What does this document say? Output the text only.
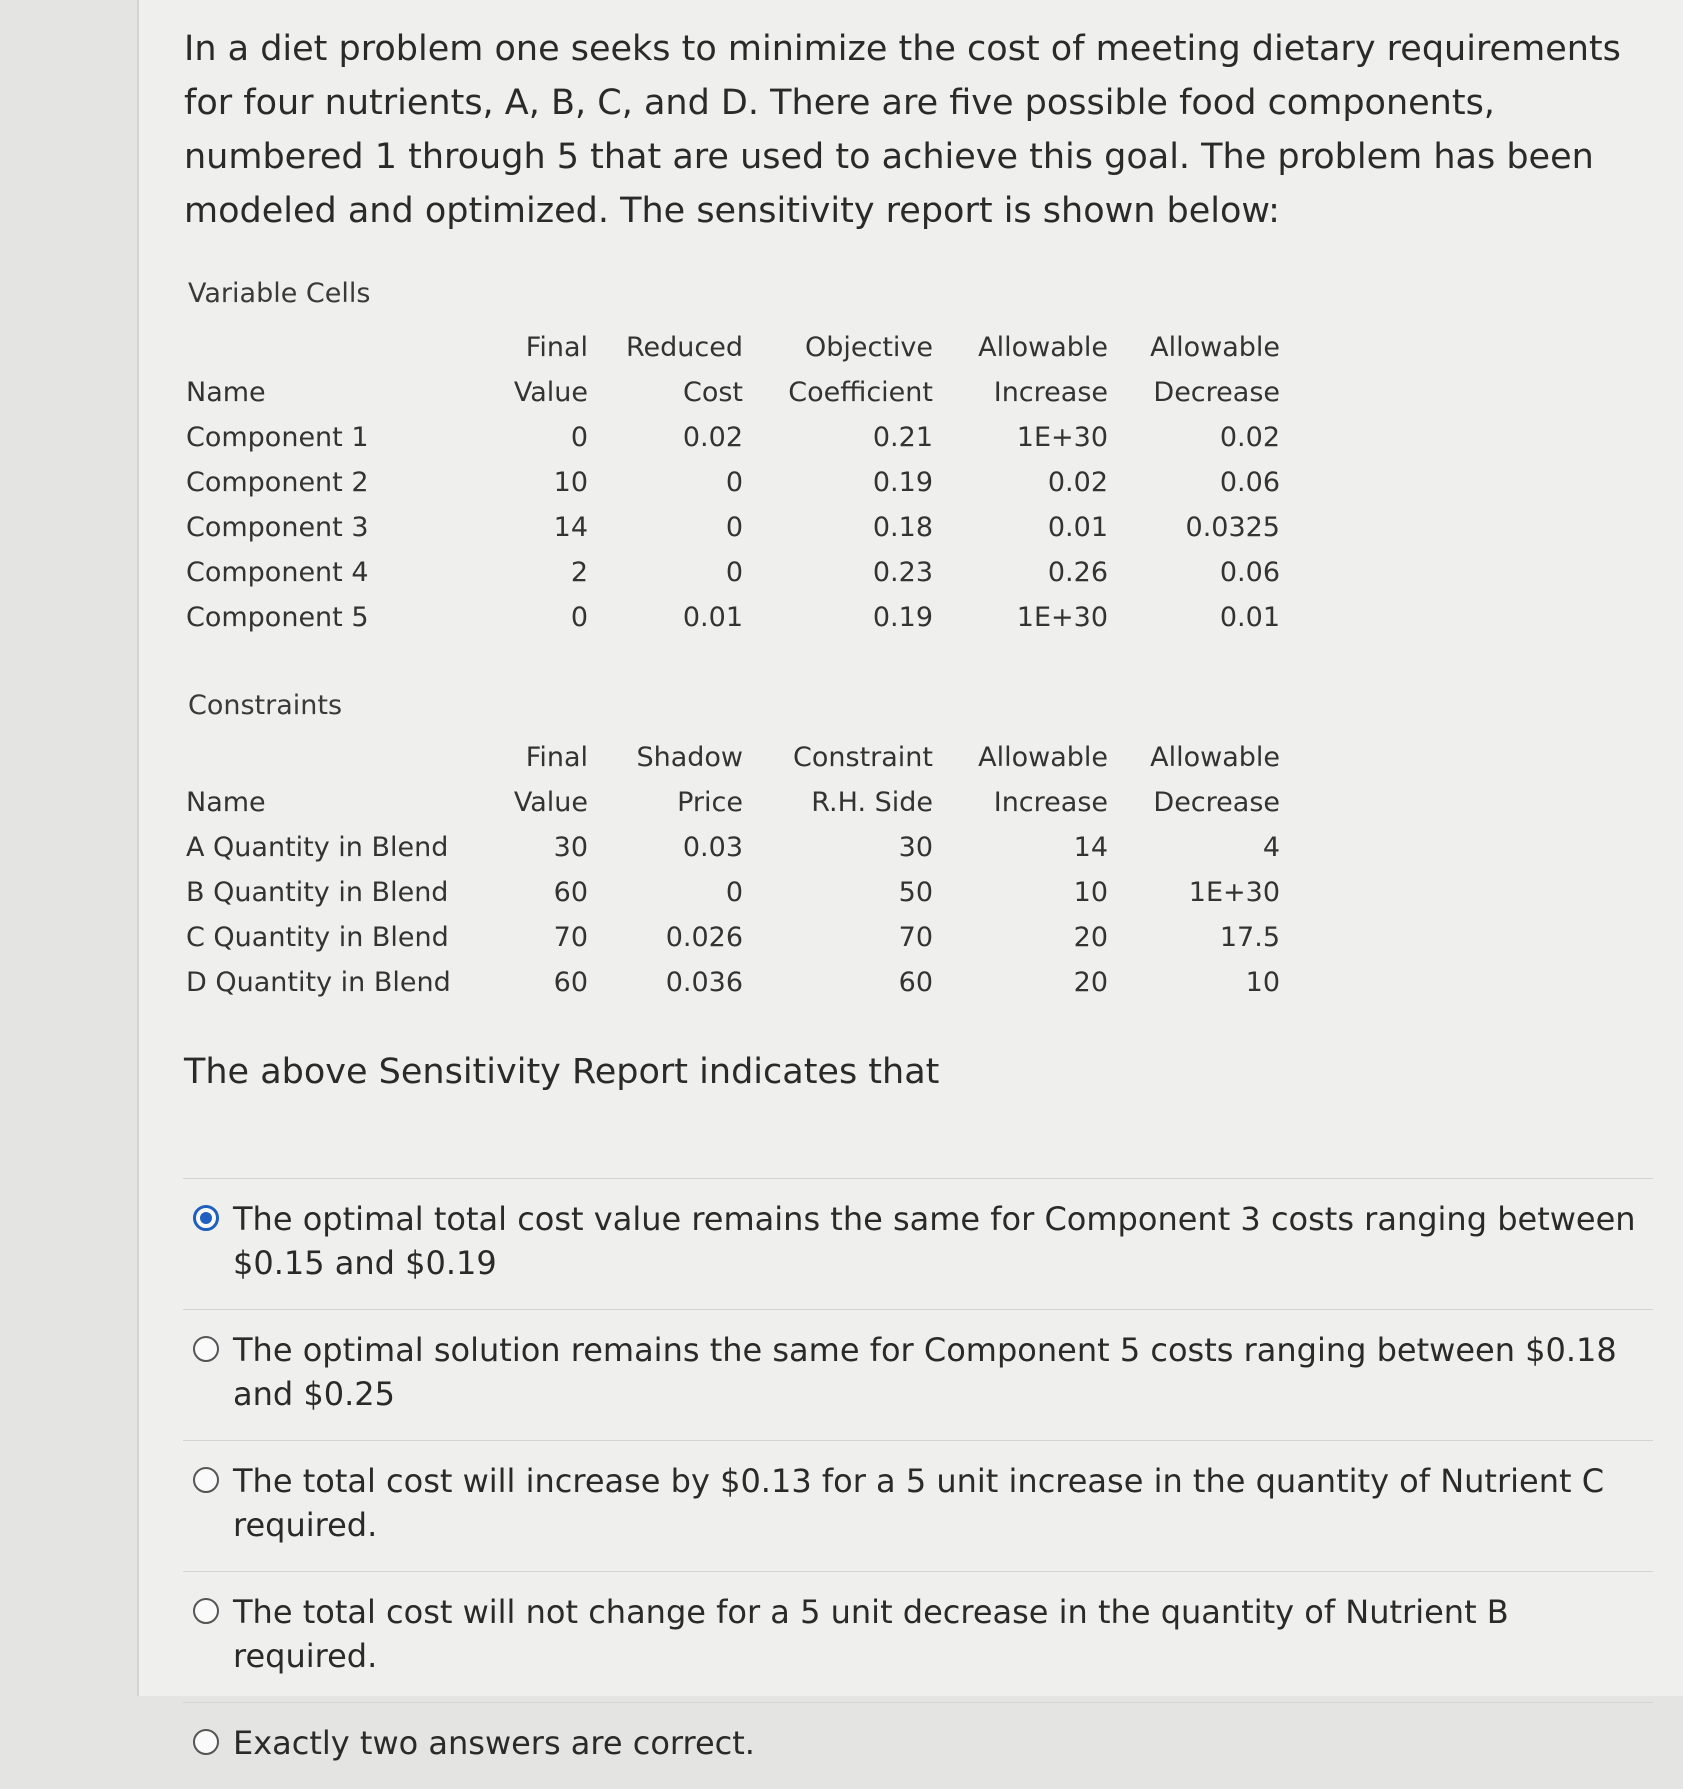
In a diet problem one seeks to minimize the cost of meeting dietary requirements for four nutrients, A, B, C, and D. There are five possible food components, numbered 1 through 5 that are used to achieve this goal. The problem has been modeled and optimized. The sensitivity report is shown below:
Variable Cells
	Final	Reduced	Objective	Allowable	Allowable
Name	Value	Cost	Coefficient	Increase	Decrease
Component 1	0	0.02	0.21	1E+30	0.02
Component 2	10	0	0.19	0.02	0.06
Component 3	14	0	0.18	0.01	0.0325
Component 4	2	0	0.23	0.26	0.06
Component 5	0	0.01	0.19	1E+30	0.01
Constraints
	Final	Shadow	Constraint	Allowable	Allowable
Name	Value	Price	R.H. Side	Increase	Decrease
A Quantity in Blend	30	0.03	30	14	4
B Quantity in Blend	60	0	50	10	1E+30
C Quantity in Blend	70	0.026	70	20	17.5
D Quantity in Blend	60	0.036	60	20	10
The above Sensitivity Report indicates that
The optimal total cost value remains the same for Component 3 costs ranging between $0.15 and $0.19
The optimal solution remains the same for Component 5 costs ranging between $0.18 and $0.25
The total cost will increase by $0.13 for a 5 unit increase in the quantity of Nutrient C required.
The total cost will not change for a 5 unit decrease in the quantity of Nutrient B required.
Exactly two answers are correct.
